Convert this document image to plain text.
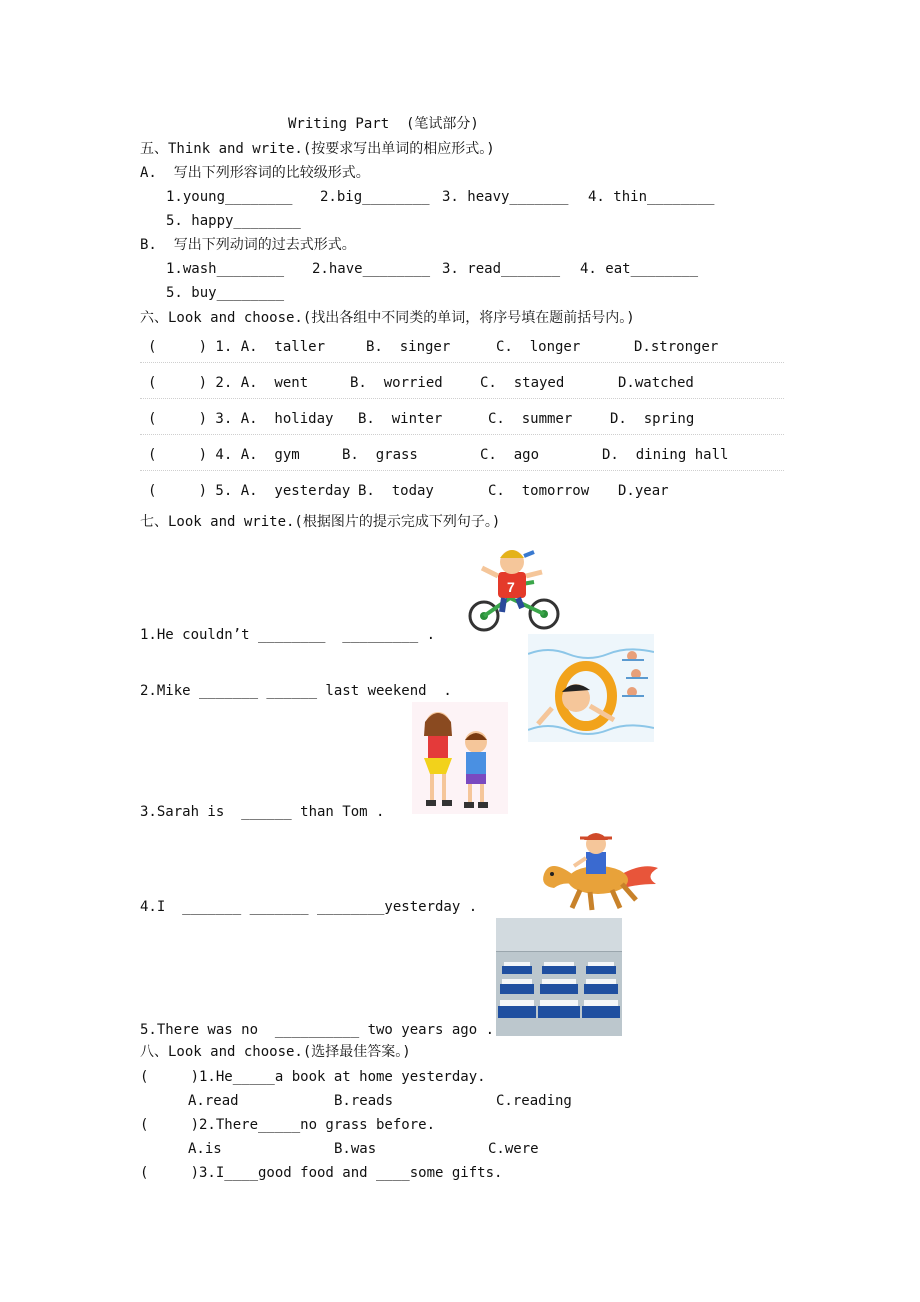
Writing Part  (笔试部分)
五、Think and write.(按要求写出单词的相应形式。)
A.  写出下列形容词的比较级形式。
1.young________ 2.big________ 3. heavy_______ 4. thin________
5. happy________
B.  写出下列动词的过去式形式。
1.wash________ 2.have________ 3. read_______ 4. eat________
5. buy________
六、Look and choose.(找出各组中不同类的单词，将序号填在题前括号内。)
(     ) 1. A.  taller	B.  singer	C.  longer	D.stronger
(     ) 2. A.  went	B.  worried	C.  stayed	D.watched
(     ) 3. A.  holiday B.  winter	C.  summer	D.  spring
(     ) 4. A.  gym	B.  grass	C.  ago	D.  dining hall
(     ) 5. A.  yesterday B.  today	C.  tomorrow D.year
七、Look and write.(根据图片的提示完成下列句子。)
7
1.He couldn’t ________  _________ .
2.Mike _______ ______ last weekend  .
3.Sarah is  ______ than Tom .
4.I  _______ _______ ________yesterday .
5.There was no  __________ two years ago .
八、Look and choose.(选择最佳答案。)
(     )1.He_____a book at home yesterday.
A.read	B.reads	C.reading
(     )2.There_____no grass before.
A.is	B.was	C.were
(     )3.I____good food and ____some gifts.
